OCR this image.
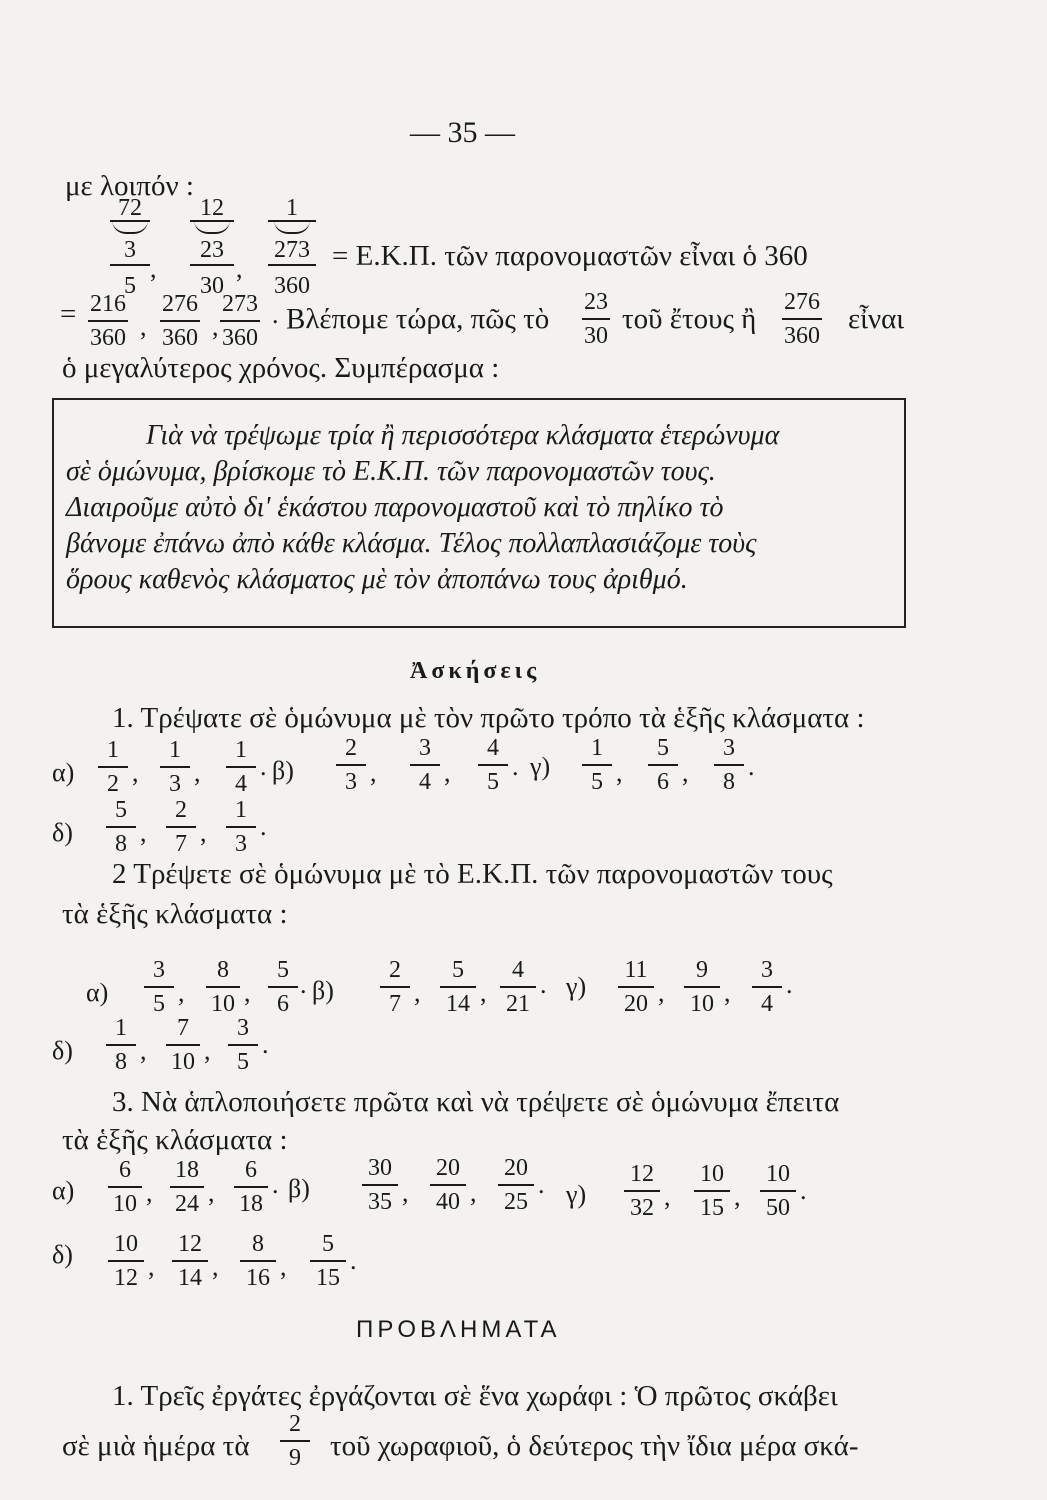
— 35 —
με λοιπόν :
72
3
5
,
12
23
30
,
1
273
360
= Ε.Κ.Π. τῶν παρονομαστῶν εἶναι ὁ 360
= 216
360 ,
276
360 ,
273
360
. Βλέπομε τώρα, πῶς τὸ
23
30
τοῦ ἔτους ἢ
276
360
εἶναι
ὁ μεγαλύτερος χρόνος. Συμπέρασμα :
Γιὰ νὰ τρέψωμε τρία ἢ περισσότερα κλάσματα ἑτερώνυμα
σὲ ὁμώνυμα, βρίσκομε τὸ Ε.Κ.Π. τῶν παρονομαστῶν τους.
Διαιροῦμε αὐτὸ δι' ἑκάστου παρονομαστοῦ καὶ τὸ πηλίκο τὸ
βάνομε ἐπάνω ἀπὸ κάθε κλάσμα. Τέλος πολλαπλασιάζομε τοὺς
ὅρους καθενὸς κλάσματος μὲ τὸν ἀποπάνω τους ἀριθμό.
Ἀσκήσεις
1. Τρέψατε σὲ ὁμώνυμα μὲ τὸν πρῶτο τρόπο τὰ ἑξῆς κλάσματα :
α)
1
2 ,
1
3 ,
1
4
. β)
2
3 ,
3
4 ,
4
5
. γ)
1
5 ,
5
6 ,
3
8
.
δ)
5
8 ,
2
7 ,
1
3
.
2 Τρέψετε σὲ ὁμώνυμα μὲ τὸ Ε.Κ.Π. τῶν παρονομαστῶν τους
τὰ ἑξῆς κλάσματα :
α)
3
5 ,
8
10 ,
5
6
. β)
2
7 ,
5
14 ,
4
21
. γ)
11
20 ,
9
10 ,
3
4
.
δ)
1
8 ,
7
10 ,
3
5
.
3. Νὰ ἁπλοποιήσετε πρῶτα καὶ νὰ τρέψετε σὲ ὁμώνυμα ἔπειτα
τὰ ἑξῆς κλάσματα :
α)
6
10 ,
18
24 ,
6
18
. β)
30
35 ,
20
40 ,
20
25
. γ)
12
32 ,
10
15 ,
10
50
.
δ) 10
12 ,
12
14 ,
8
16 ,
5
15
.
ΠΡΟΒΛΗΜΑΤΑ
1. Τρεῖς ἐργάτες ἐργάζονται σὲ ἕνα χωράφι : Ὁ πρῶτος σκάβει
σὲ μιὰ ἡμέρα τὰ
2
9 τοῦ χωραφιοῦ, ὁ δεύτερος τὴν ἴδια μέρα σκά-
